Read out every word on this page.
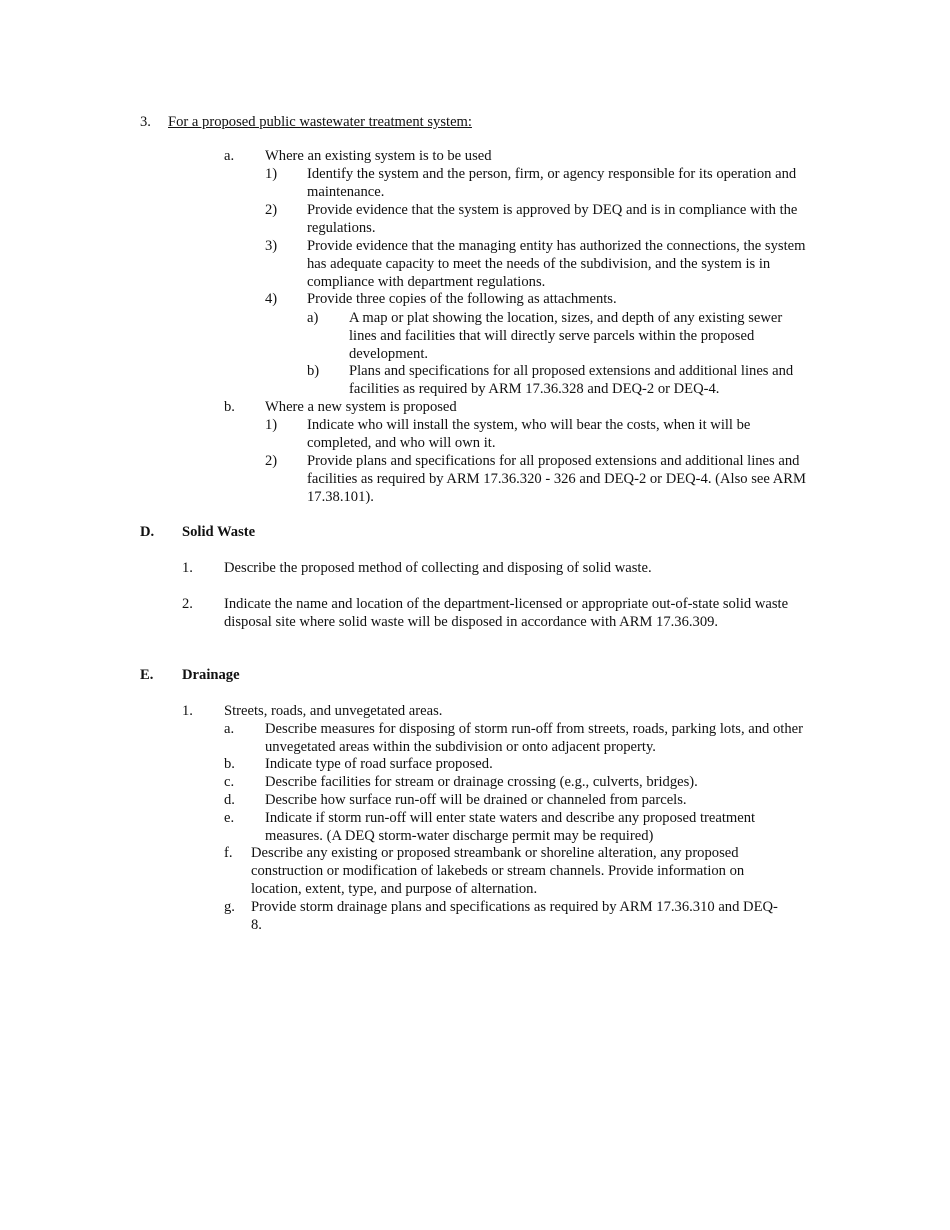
3. For a proposed public wastewater treatment system:
a. Where an existing system is to be used
1) Identify the system and the person, firm, or agency responsible for its operation and maintenance.
2) Provide evidence that the system is approved by DEQ and is in compliance with the regulations.
3) Provide evidence that the managing entity has authorized the connections, the system has adequate capacity to meet the needs of the subdivision, and the system is in compliance with department regulations.
4) Provide three copies of the following as attachments.
a) A map or plat showing the location, sizes, and depth of any existing sewer lines and facilities that will directly serve parcels within the proposed development.
b) Plans and specifications for all proposed extensions and additional lines and facilities as required by ARM 17.36.328 and DEQ-2 or DEQ-4.
b. Where a new system is proposed
1) Indicate who will install the system, who will bear the costs, when it will be completed, and who will own it.
2) Provide plans and specifications for all proposed extensions and additional lines and facilities as required by ARM 17.36.320 - 326 and DEQ-2 or DEQ-4. (Also see ARM 17.38.101).
D. Solid Waste
1. Describe the proposed method of collecting and disposing of solid waste.
2. Indicate the name and location of the department-licensed or appropriate out-of-state solid waste disposal site where solid waste will be disposed in accordance with ARM 17.36.309.
E. Drainage
1. Streets, roads, and unvegetated areas.
a. Describe measures for disposing of storm run-off from streets, roads, parking lots, and other unvegetated areas within the subdivision or onto adjacent property.
b. Indicate type of road surface proposed.
c. Describe facilities for stream or drainage crossing (e.g., culverts, bridges).
d. Describe how surface run-off will be drained or channeled from parcels.
e. Indicate if storm run-off will enter state waters and describe any proposed treatment measures. (A DEQ storm-water discharge permit may be required)
f. Describe any existing or proposed streambank or shoreline alteration, any proposed construction or modification of lakebeds or stream channels. Provide information on location, extent, type, and purpose of alternation.
g. Provide storm drainage plans and specifications as required by ARM 17.36.310 and DEQ-8.
